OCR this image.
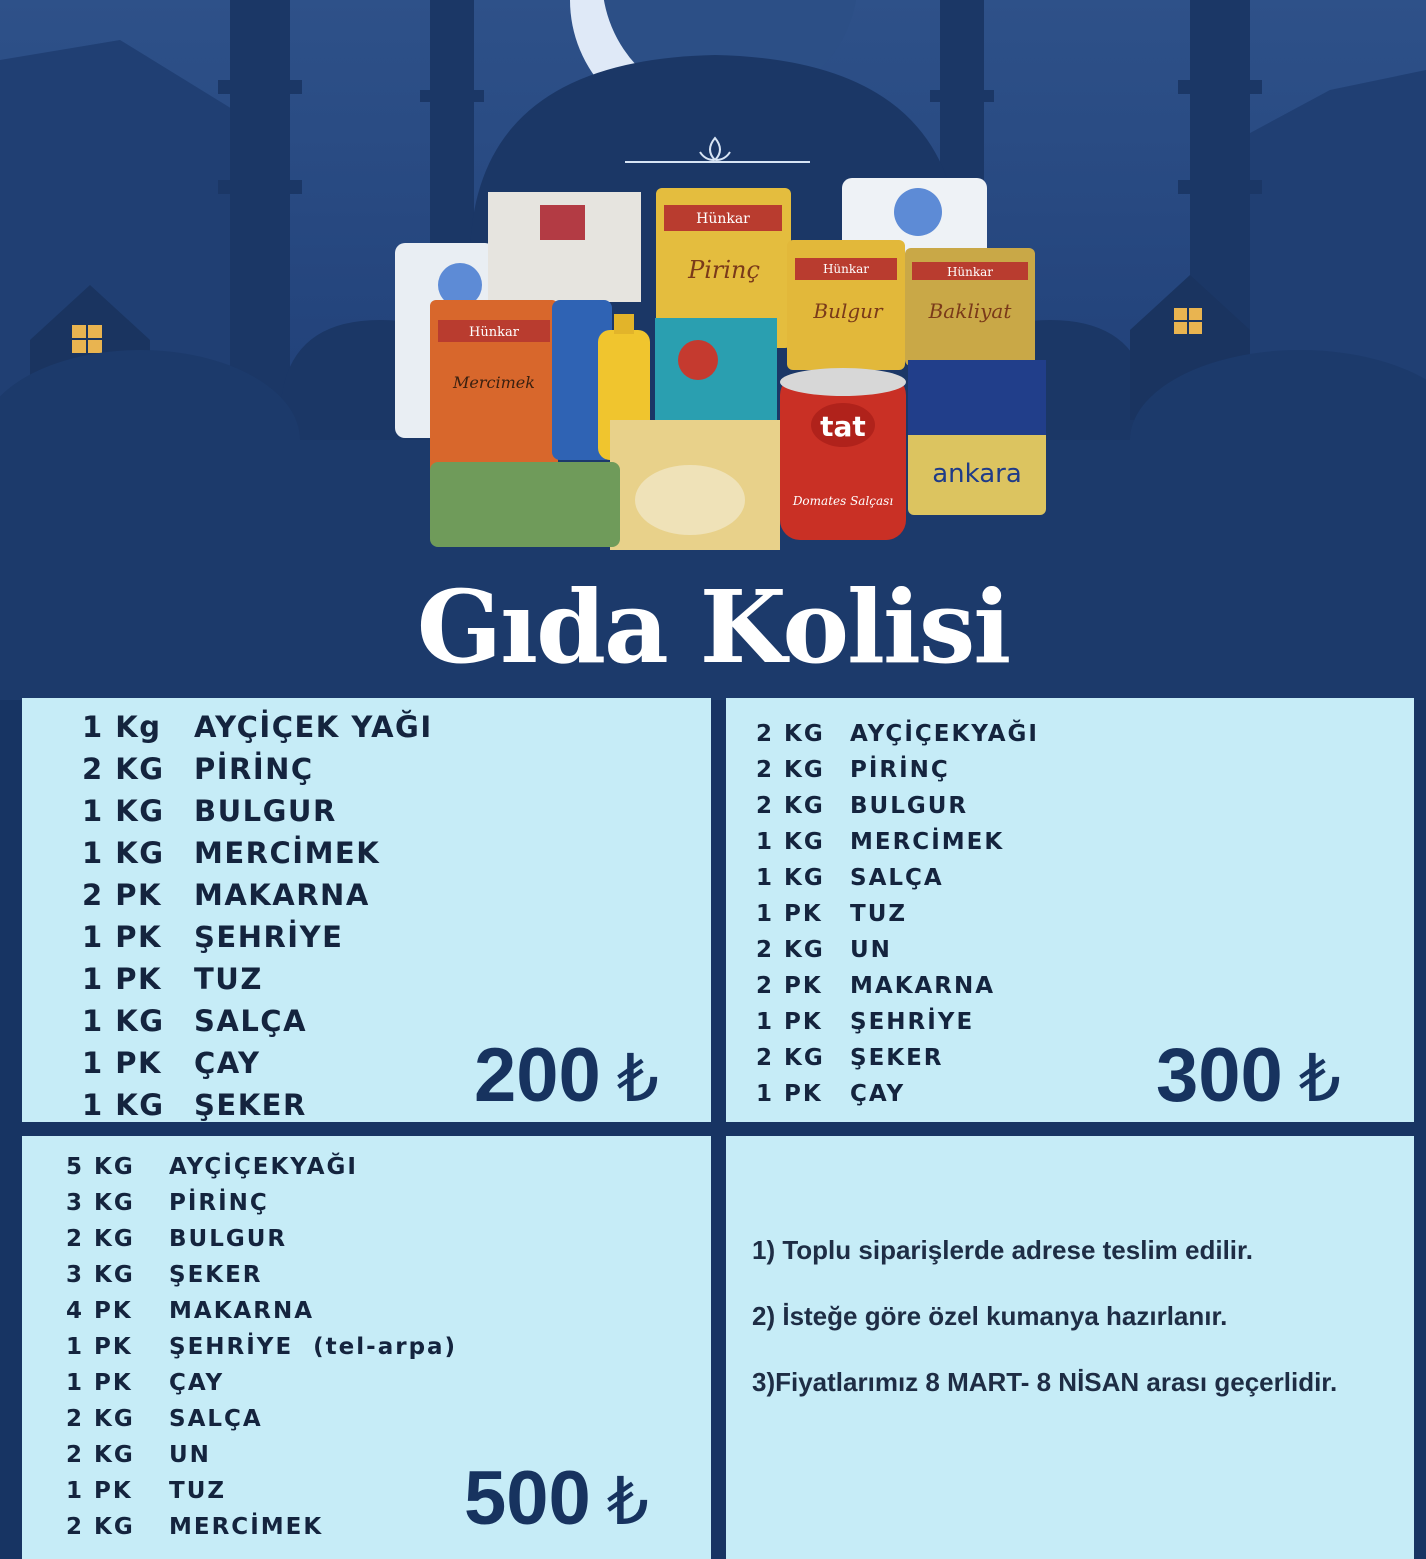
Hünkar
Pirinç	Hünkar
Bulgur
Hünkar
Bakliyat
Hünkar
Mercimek
tat
Domates Salçası
ankara
Gıda Kolisi
1 Kg	AYÇİÇEK YAĞI
2 KG	PİRİNÇ
1 KG	BULGUR
1 KG	MERCİMEK
2 PK	MAKARNA
1 PK	ŞEHRİYE
1 PK	TUZ
1 KG	SALÇA
1 PK	ÇAY
1 KG	ŞEKER 200 ₺
2 KG	AYÇİÇEKYAĞI
2 KG	PİRİNÇ
2 KG	BULGUR
1 KG	MERCİMEK
1 KG	SALÇA
1 PK	TUZ
2 KG	UN
2 PK	MAKARNA
1 PK	ŞEHRİYE
2 KG	ŞEKER
1 PK	ÇAY	300 ₺
5 KG	AYÇİÇEKYAĞI
3 KG	PİRİNÇ
2 KG	BULGUR
3 KG	ŞEKER
4 PK	MAKARNA
1 PK	ŞEHRİYE  (tel-arpa)
1 PK	ÇAY
2 KG	SALÇA
2 KG	UN
1 PK	TUZ
2 KG	MERCİMEK 500 ₺
1) Toplu siparişlerde adrese teslim edilir.
2) İsteğe göre özel kumanya hazırlanır.
3)Fiyatlarımız 8 MART- 8 NİSAN arası geçerlidir.
